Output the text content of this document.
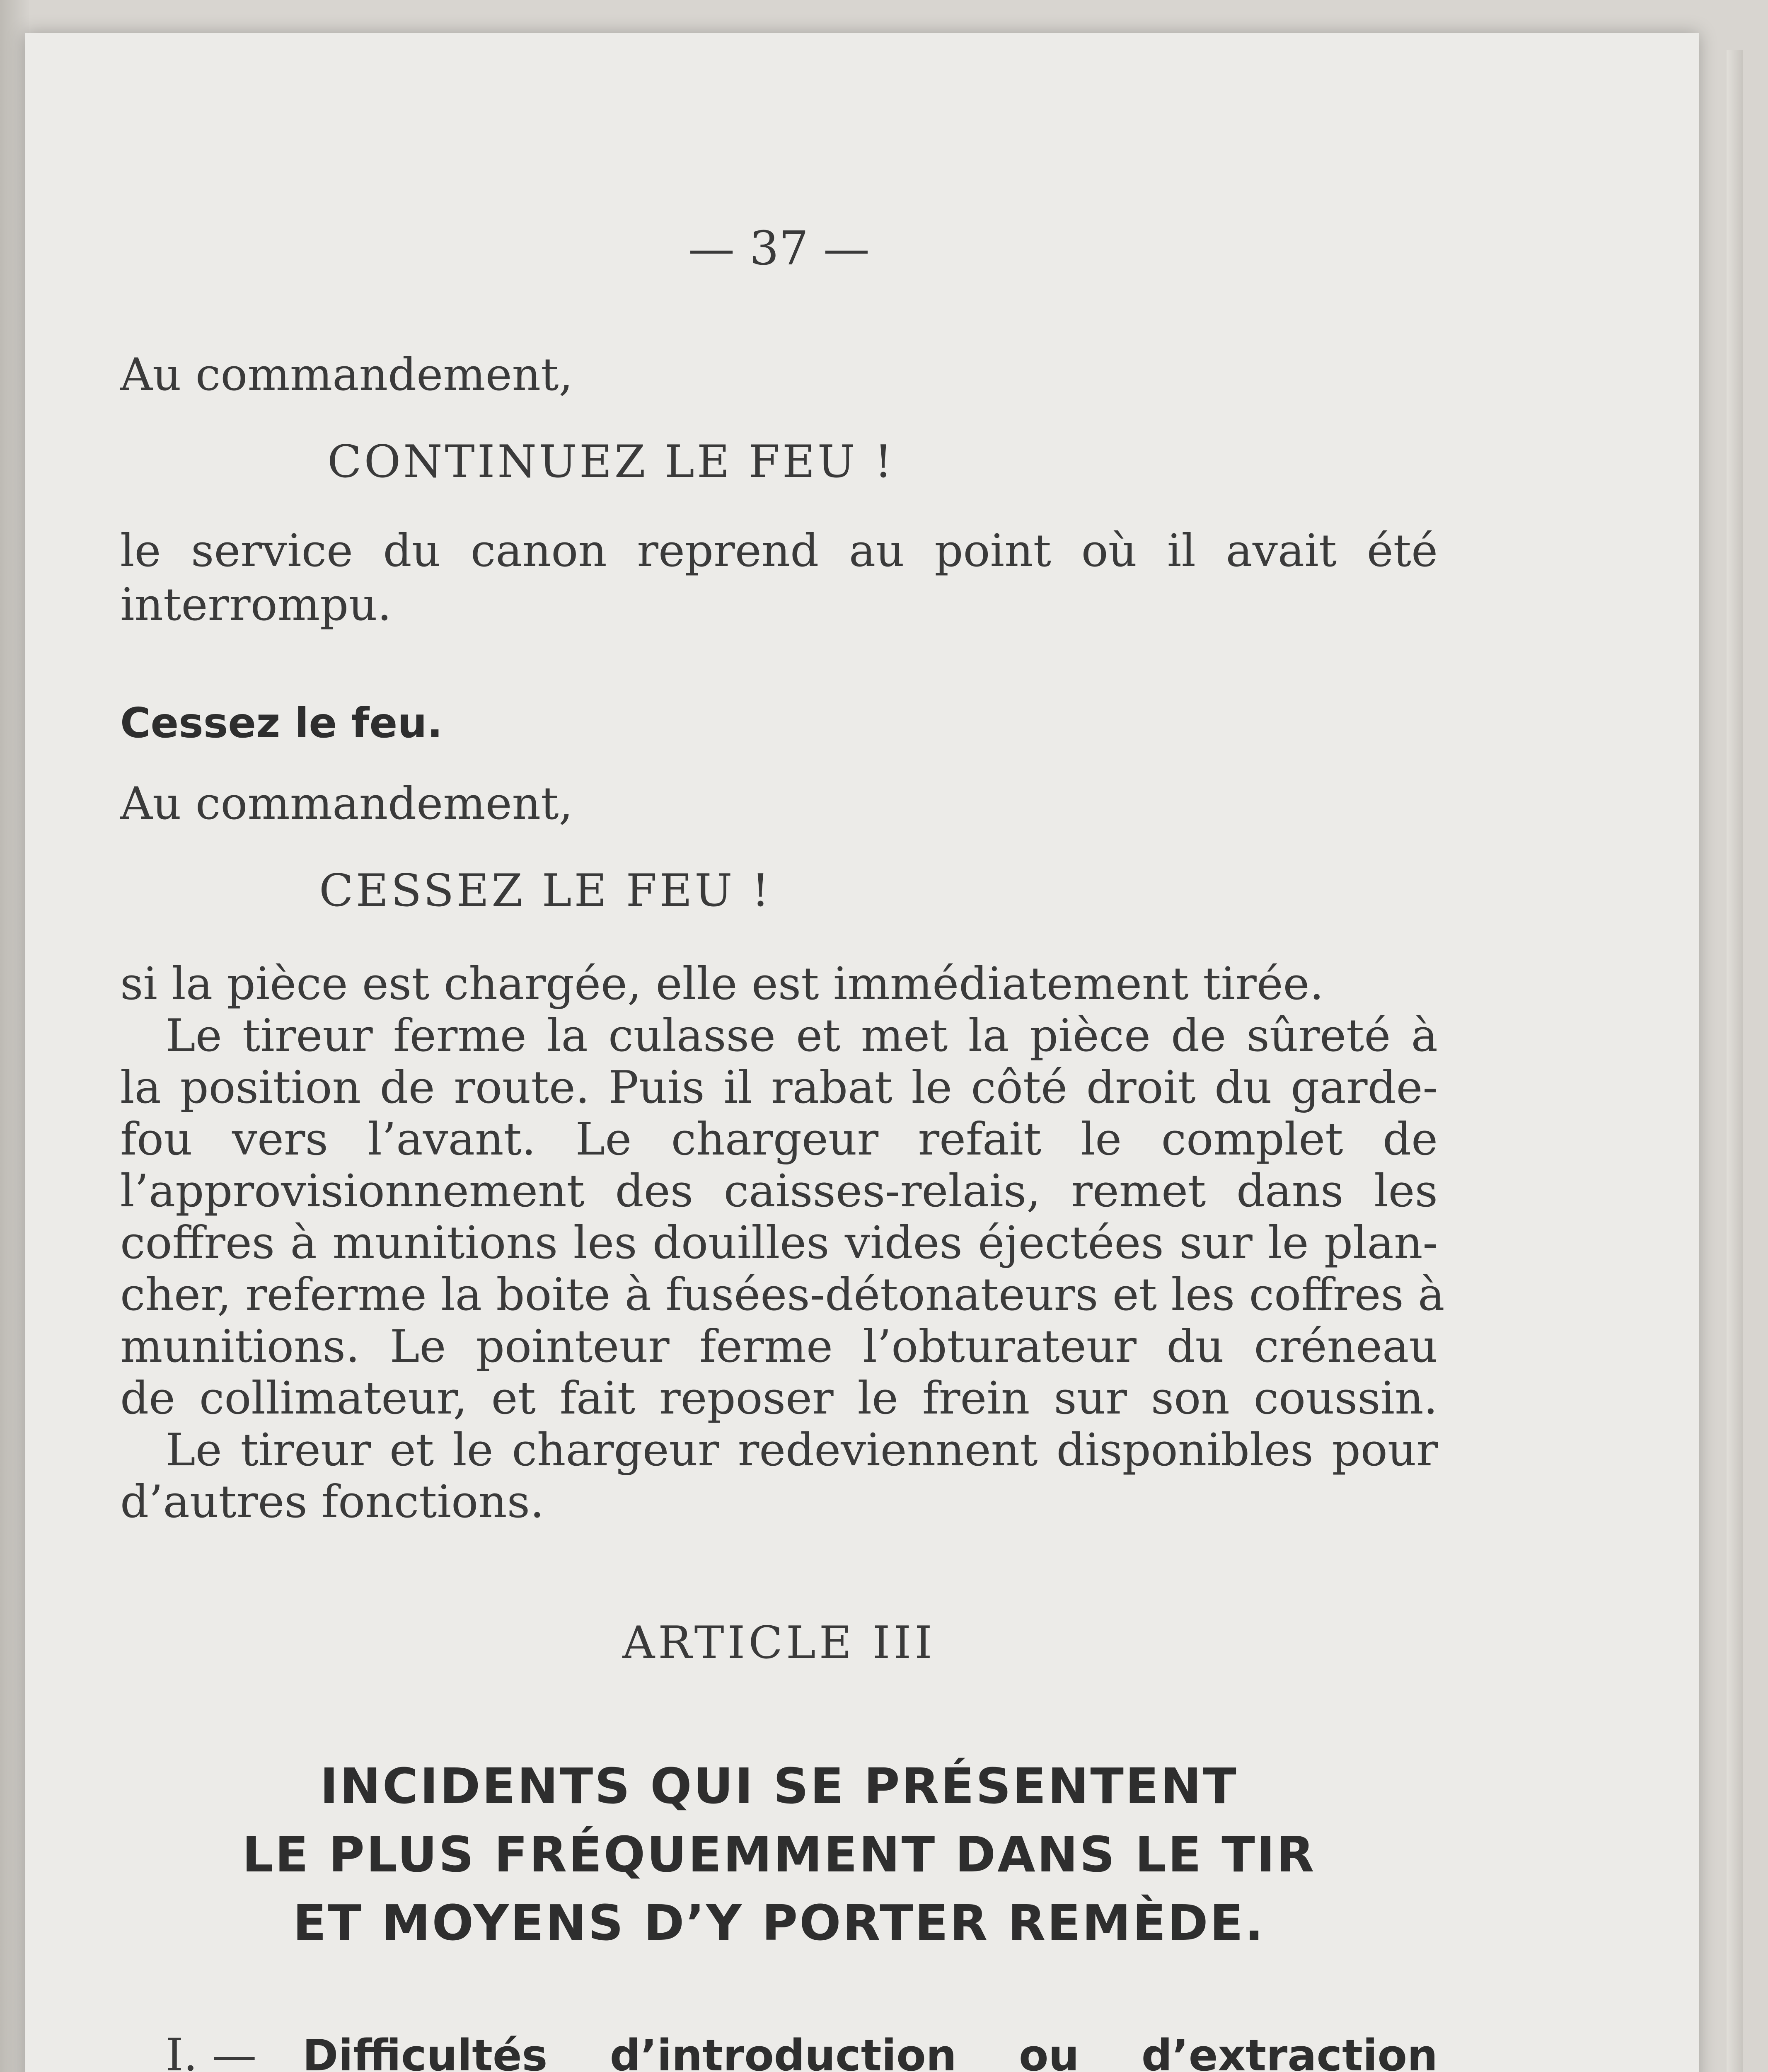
— 37 —
Au commandement,
CONTINUEZ LE FEU !
le service du canon reprend au point où il avait été
interrompu.
Cessez le feu.
Au commandement,
CESSEZ LE FEU !
si la pièce est chargée, elle est immédiatement tirée.
Le tireur ferme la culasse et met la pièce de sûreté à
la position de route. Puis il rabat le côté droit du garde-
fou vers l’avant. Le chargeur refait le complet de
l’approvisionnement des caisses-relais, remet dans les
coffres à munitions les douilles vides éjectées sur le plan-
cher, referme la boite à fusées-détonateurs et les coffres à
munitions. Le pointeur ferme l’obturateur du créneau
de collimateur, et fait reposer le frein sur son coussin.
Le tireur et le chargeur redeviennent disponibles pour
d’autres fonctions.
ARTICLE III
INCIDENTS QUI SE PRÉSENTENT
LE PLUS FRÉQUEMMENT DANS LE TIR
ET MOYENS D’Y PORTER REMÈDE.
I. — Difficultés d’introduction ou d’extraction
